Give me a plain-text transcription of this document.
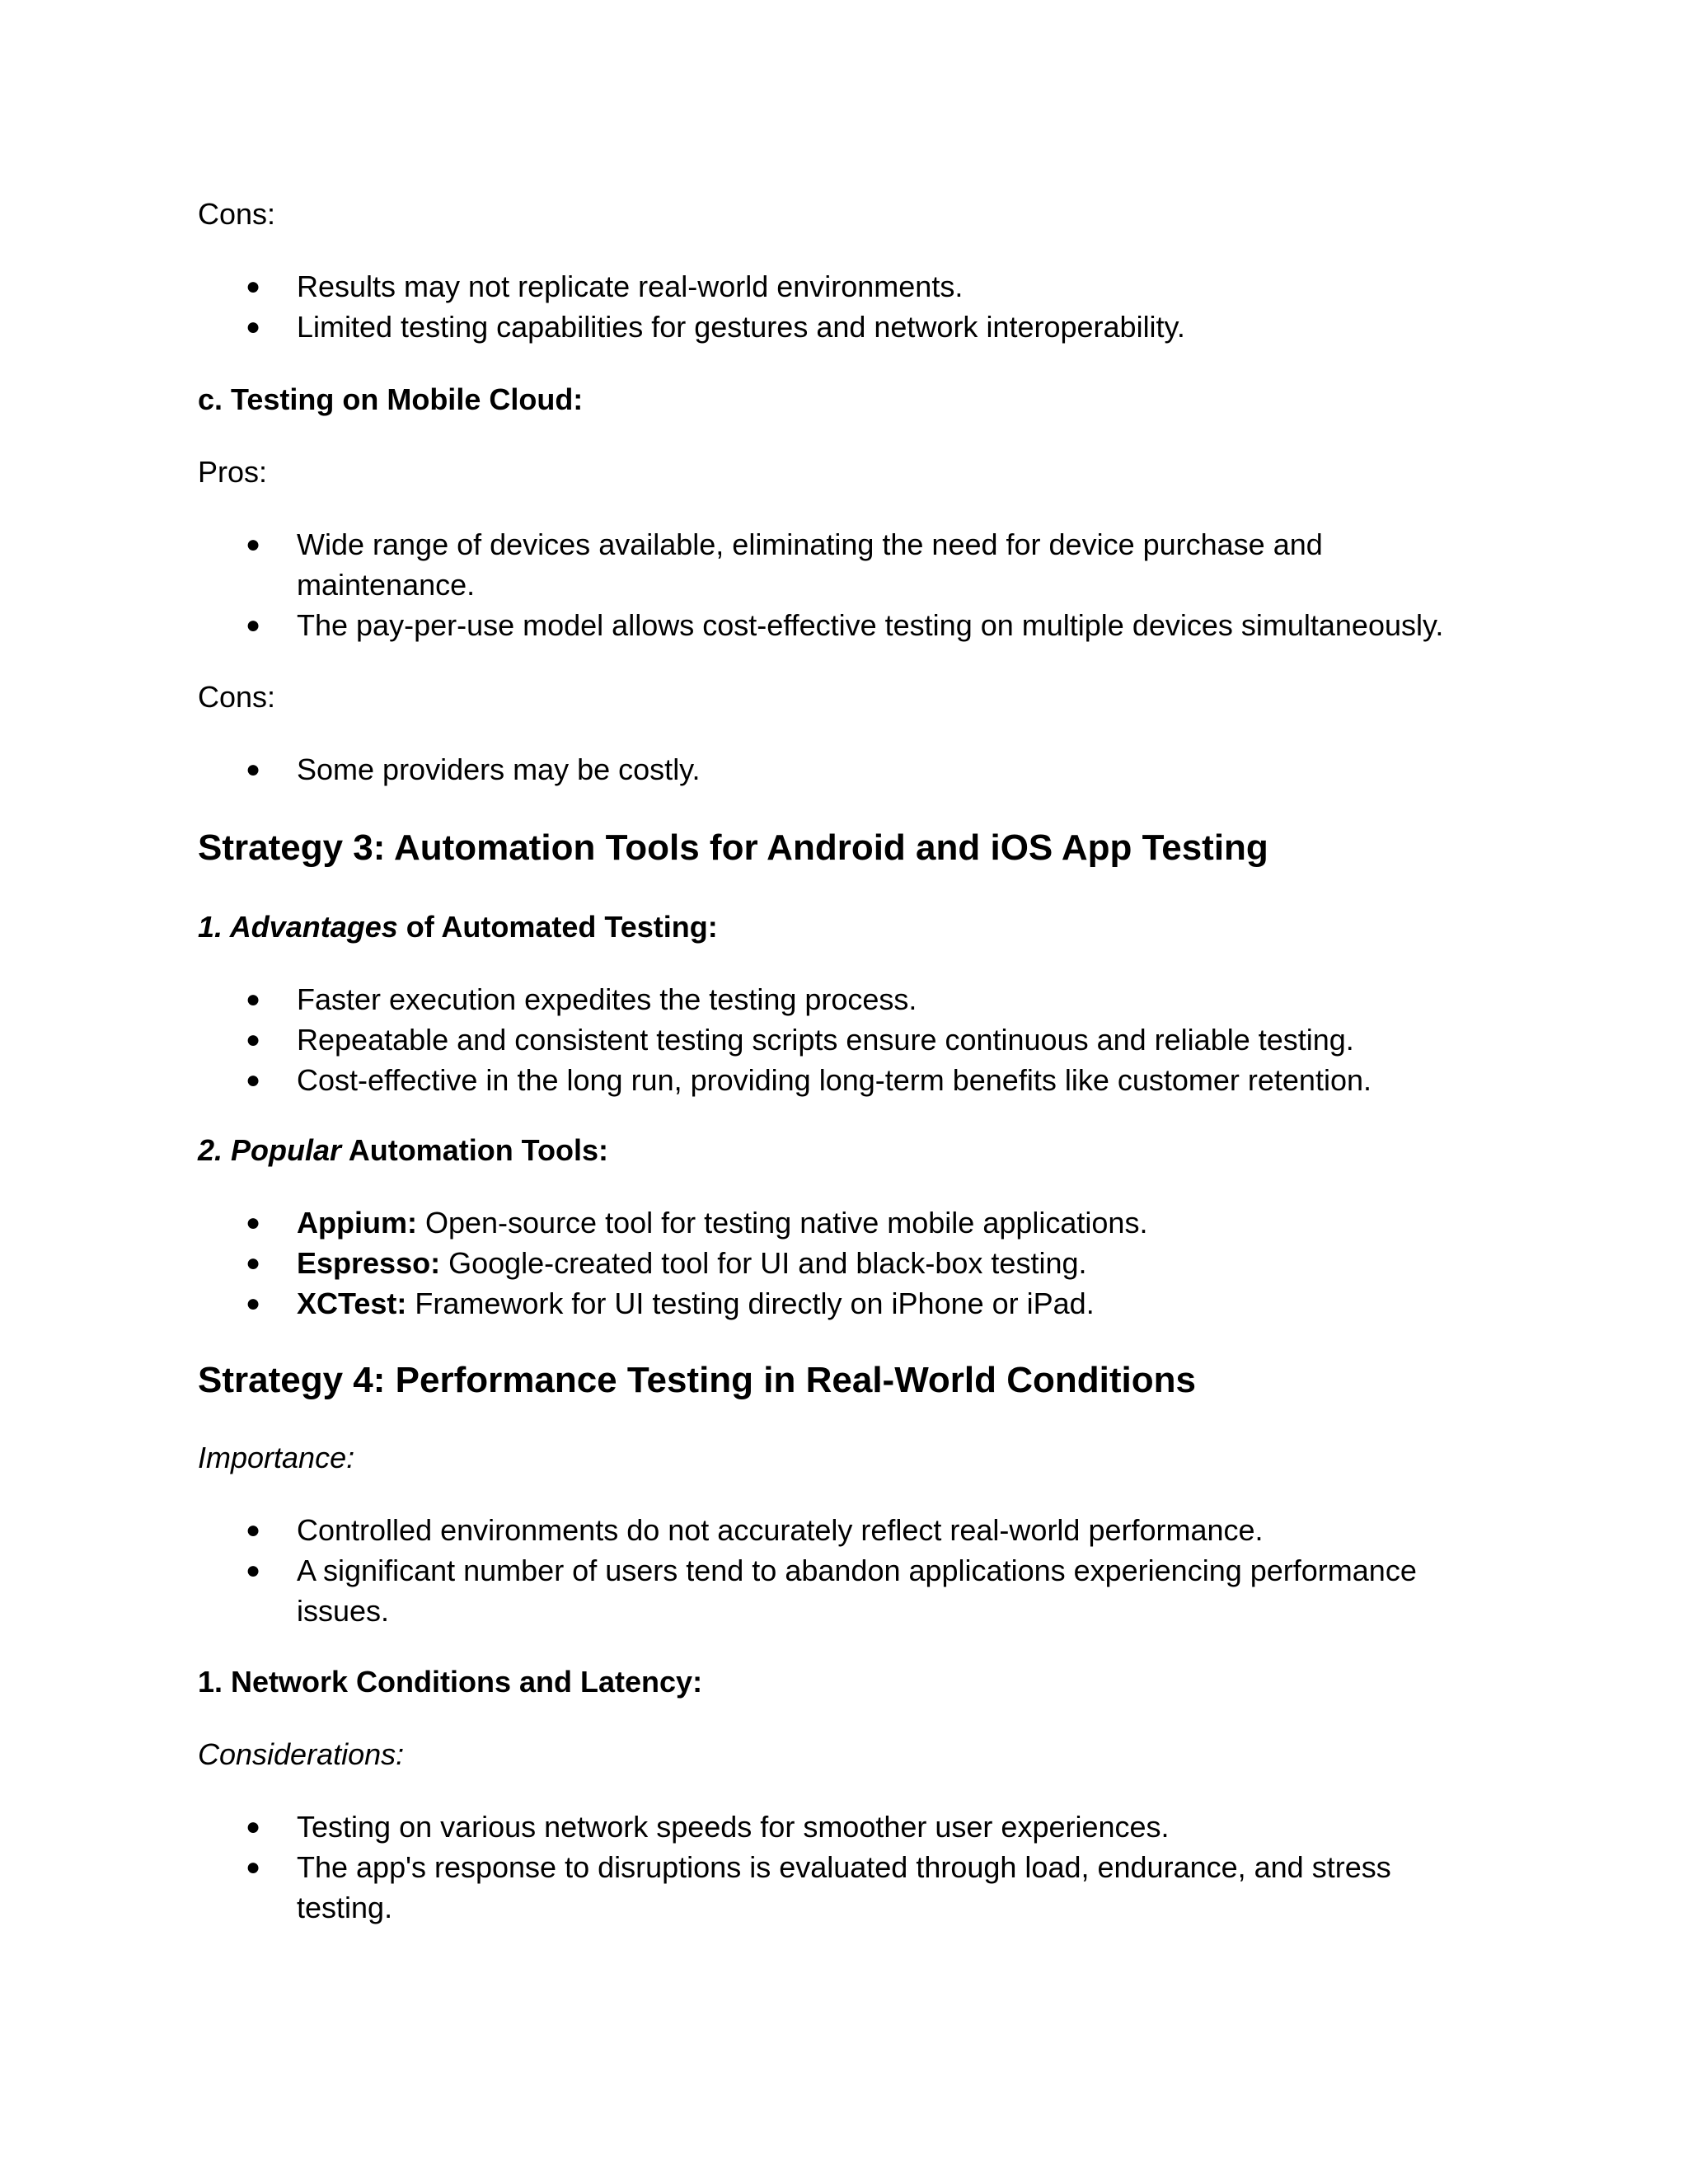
Cons:
● Results may not replicate real-world environments.
● Limited testing capabilities for gestures and network interoperability.
c. Testing on Mobile Cloud:
Pros:
● Wide range of devices available, eliminating the need for device purchase and
maintenance.
● The pay-per-use model allows cost-effective testing on multiple devices simultaneously.
Cons:
● Some providers may be costly.
Strategy 3: Automation Tools for Android and iOS App Testing
1. Advantages of Automated Testing:
● Faster execution expedites the testing process.
● Repeatable and consistent testing scripts ensure continuous and reliable testing.
● Cost-effective in the long run, providing long-term benefits like customer retention.
2. Popular Automation Tools:
● Appium: Open-source tool for testing native mobile applications.
● Espresso: Google-created tool for UI and black-box testing.
● XCTest: Framework for UI testing directly on iPhone or iPad.
Strategy 4: Performance Testing in Real-World Conditions
Importance:
● Controlled environments do not accurately reflect real-world performance.
● A significant number of users tend to abandon applications experiencing performance
issues.
1. Network Conditions and Latency:
Considerations:
● Testing on various network speeds for smoother user experiences.
● The app's response to disruptions is evaluated through load, endurance, and stress
testing.
